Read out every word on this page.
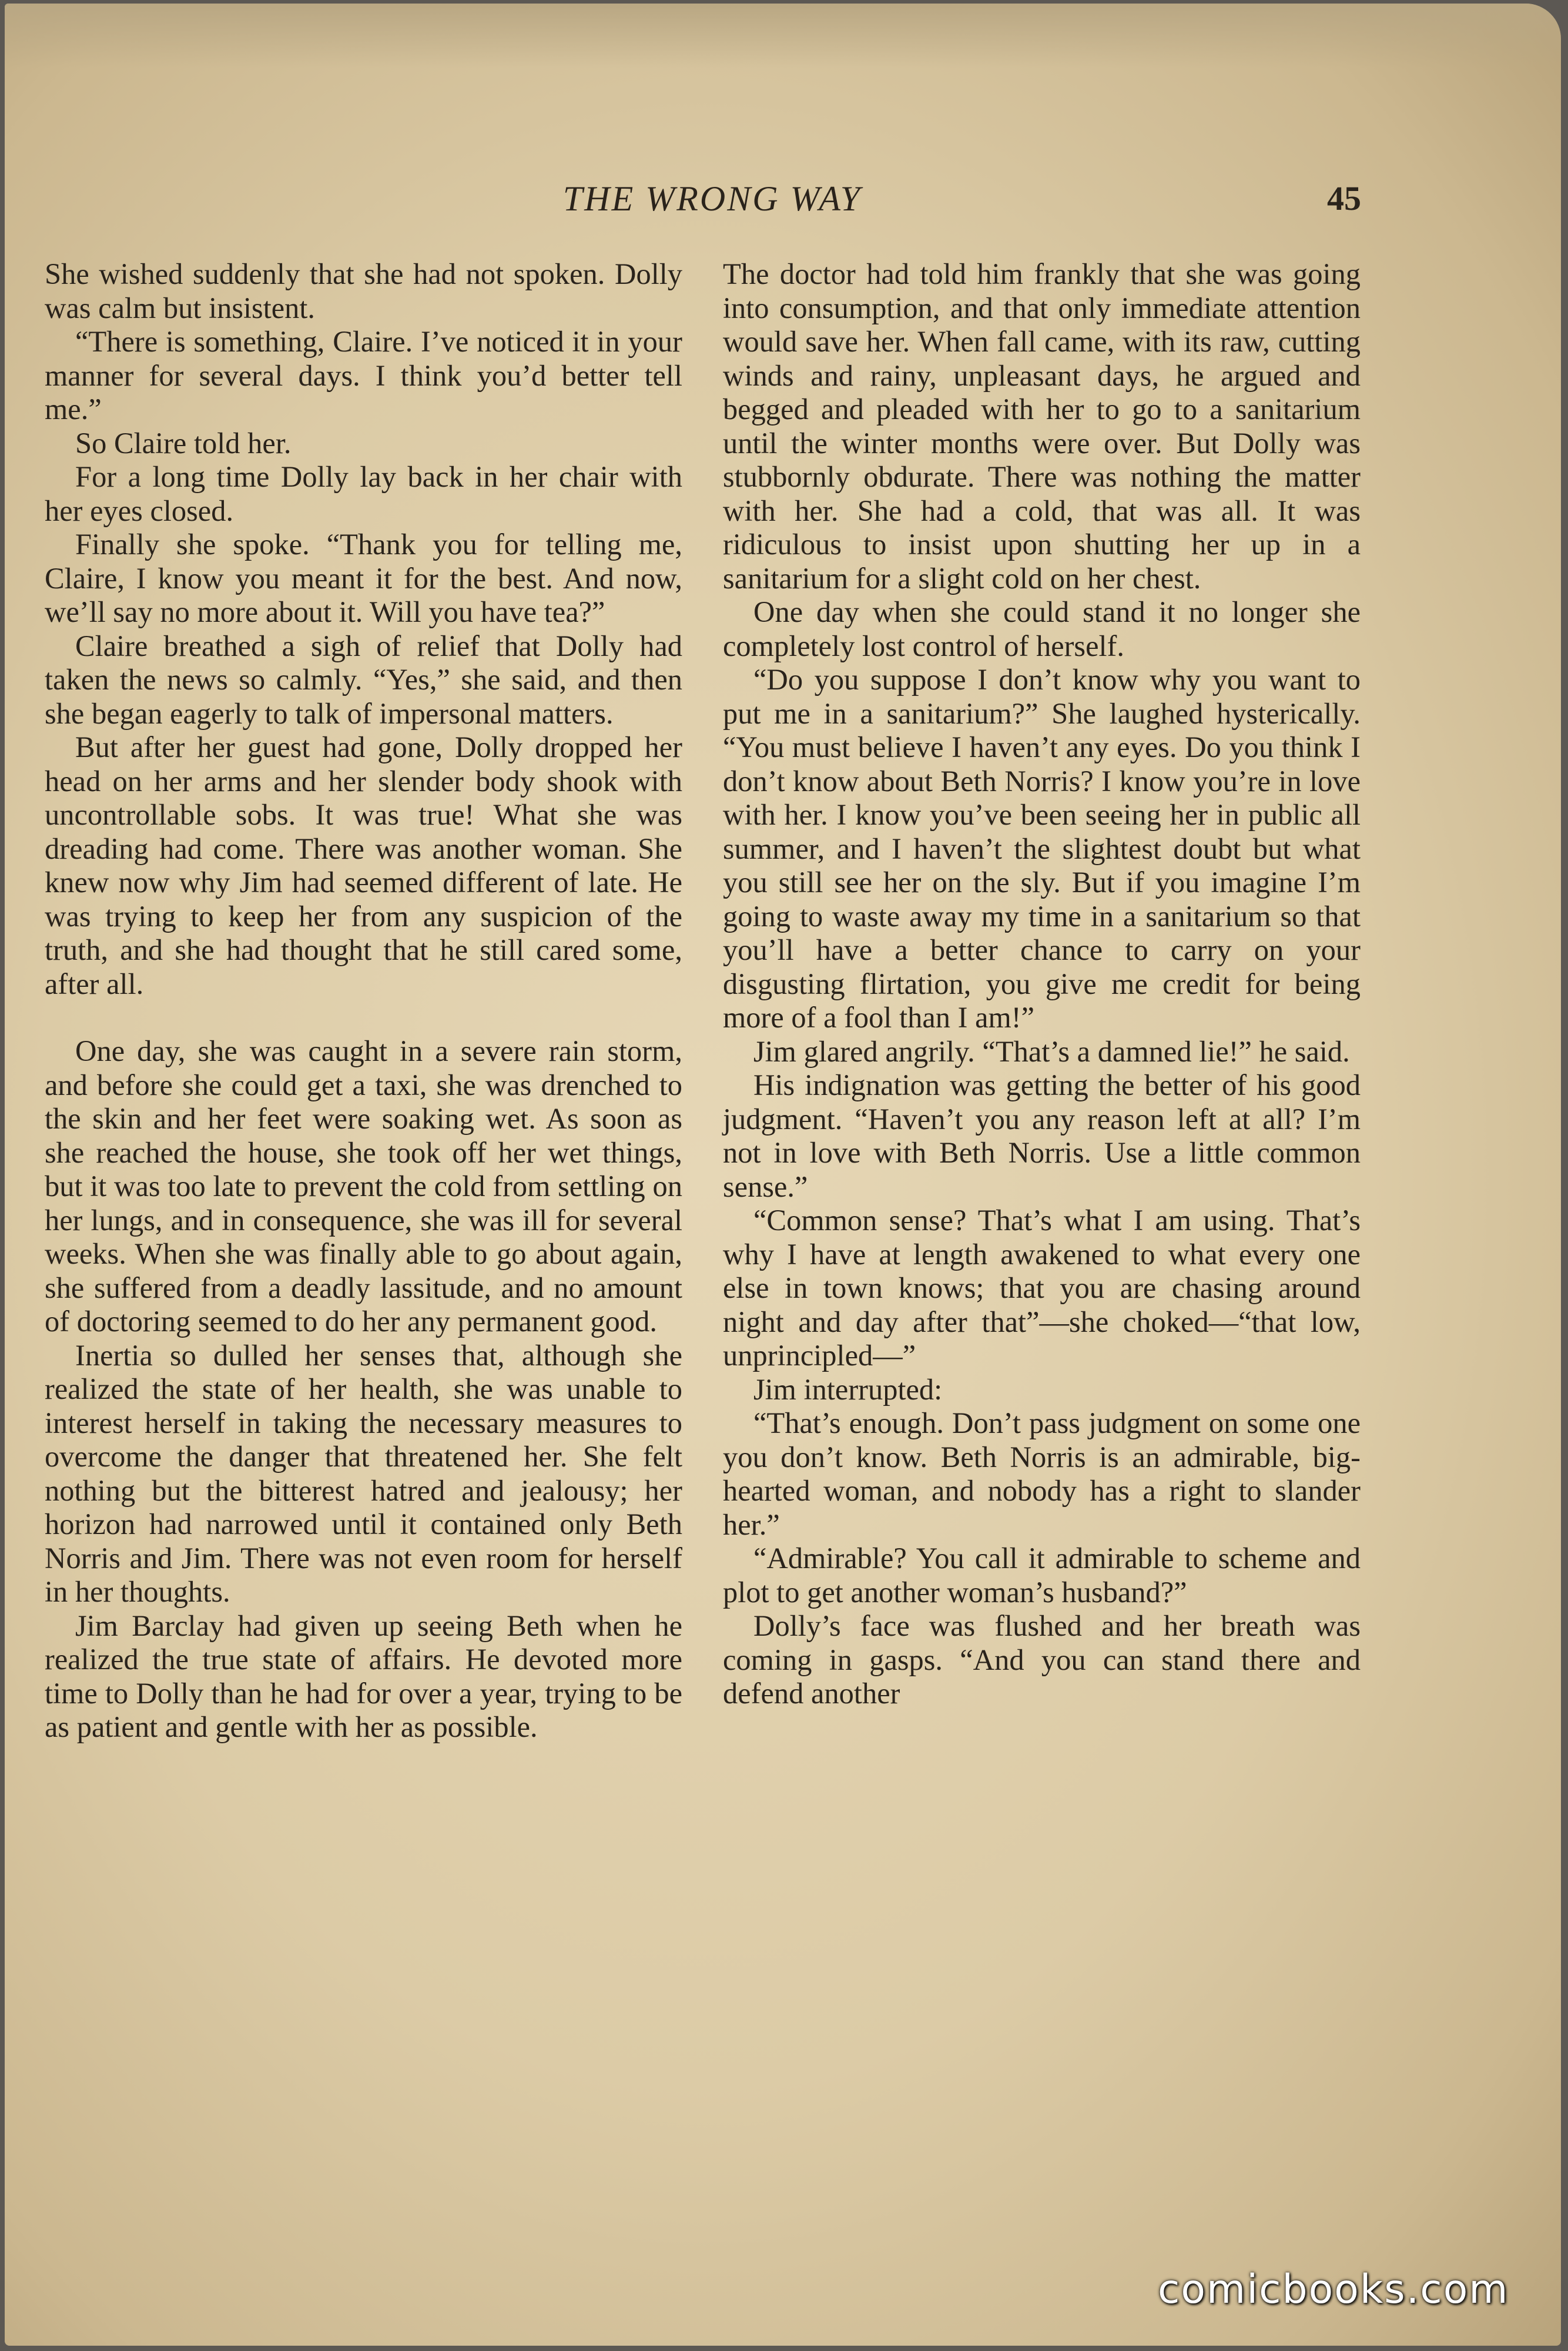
THE WRONG WAY	45

She wished suddenly that she had not spoken. Dolly was calm but insistent.

“There is something, Claire. I’ve noticed it in your manner for several days. I think you’d better tell me.”

So Claire told her.

For a long time Dolly lay back in her chair with her eyes closed.

Finally she spoke. “Thank you for telling me, Claire, I know you meant it for the best. And now, we’ll say no more about it. Will you have tea?”

Claire breathed a sigh of relief that Dolly had taken the news so calmly. “Yes,” she said, and then she began eagerly to talk of impersonal matters.

But after her guest had gone, Dolly dropped her head on her arms and her slender body shook with uncontrollable sobs. It was true! What she was dreading had come. There was another woman. She knew now why Jim had seemed different of late. He was trying to keep her from any suspicion of the truth, and she had thought that he still cared some, after all.

One day, she was caught in a severe rain storm, and before she could get a taxi, she was drenched to the skin and her feet were soaking wet. As soon as she reached the house, she took off her wet things, but it was too late to prevent the cold from settling on her lungs, and in consequence, she was ill for several weeks. When she was finally able to go about again, she suffered from a deadly lassitude, and no amount of doctoring seemed to do her any permanent good.

Inertia so dulled her senses that, although she realized the state of her health, she was unable to interest herself in taking the necessary measures to overcome the danger that threatened her. She felt nothing but the bitterest hatred and jealousy; her horizon had narrowed until it contained only Beth Norris and Jim. There was not even room for herself in her thoughts.

Jim Barclay had given up seeing Beth when he realized the true state of affairs. He devoted more time to Dolly than he had for over a year, trying to be as patient and gentle with her as possible.

The doctor had told him frankly that she was going into consumption, and that only immediate attention would save her. When fall came, with its raw, cutting winds and rainy, unpleasant days, he argued and begged and pleaded with her to go to a sanitarium until the winter months were over. But Dolly was stubbornly obdurate. There was nothing the matter with her. She had a cold, that was all. It was ridiculous to insist upon shutting her up in a sanitarium for a slight cold on her chest.

One day when she could stand it no longer she completely lost control of herself.

“Do you suppose I don’t know why you want to put me in a sanitarium?” She laughed hysterically. “You must believe I haven’t any eyes. Do you think I don’t know about Beth Norris? I know you’re in love with her. I know you’ve been seeing her in public all summer, and I haven’t the slightest doubt but what you still see her on the sly. But if you imagine I’m going to waste away my time in a sanitarium so that you’ll have a better chance to carry on your disgusting flirtation, you give me credit for being more of a fool than I am!”

Jim glared angrily. “That’s a damned lie!” he said.

His indignation was getting the better of his good judgment. “Haven’t you any reason left at all? I’m not in love with Beth Norris. Use a little common sense.”

“Common sense? That’s what I am using. That’s why I have at length awakened to what every one else in town knows; that you are chasing around night and day after that”—she choked—“that low, unprincipled—”

Jim interrupted:

“That’s enough. Don’t pass judgment on some one you don’t know. Beth Norris is an admirable, big-hearted woman, and nobody has a right to slander her.”

“Admirable? You call it admirable to scheme and plot to get another woman’s husband?”

Dolly’s face was flushed and her breath was coming in gasps. “And you can stand there and defend another

comicbooks.com
